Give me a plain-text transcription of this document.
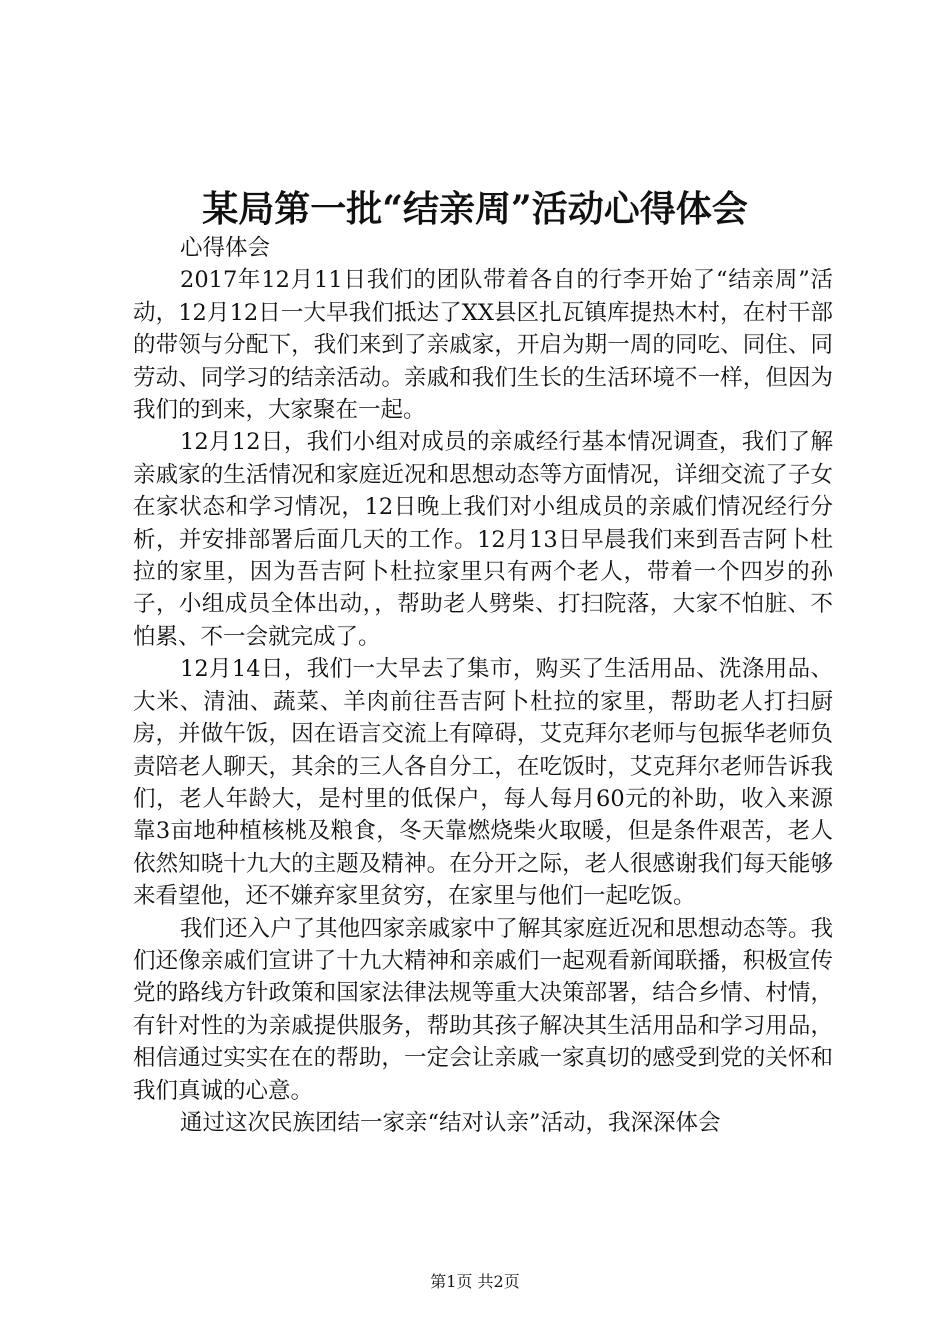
某局第一批“结亲周”活动心得体会

心得体会

2017年12月11日我们的团队带着各自的行李开始了“结亲周”活动，12月12日一大早我们抵达了XX县区扎瓦镇库提热木村，在村干部的带领与分配下，我们来到了亲戚家，开启为期一周的同吃、同住、同劳动、同学习的结亲活动。亲戚和我们生长的生活环境不一样，但因为我们的到来，大家聚在一起。

12月12日，我们小组对成员的亲戚经行基本情况调查，我们了解亲戚家的生活情况和家庭近况和思想动态等方面情况，详细交流了子女在家状态和学习情况，12日晚上我们对小组成员的亲戚们情况经行分析，并安排部署后面几天的工作。12月13日早晨我们来到吾吉阿卜杜拉的家里，因为吾吉阿卜杜拉家里只有两个老人，带着一个四岁的孙子，小组成员全体出动，，帮助老人劈柴、打扫院落，大家不怕脏、不怕累、不一会就完成了。

12月14日，我们一大早去了集市，购买了生活用品、洗涤用品、大米、清油、蔬菜、羊肉前往吾吉阿卜杜拉的家里，帮助老人打扫厨房，并做午饭，因在语言交流上有障碍，艾克拜尔老师与包振华老师负责陪老人聊天，其余的三人各自分工，在吃饭时，艾克拜尔老师告诉我们，老人年龄大，是村里的低保户，每人每月60元的补助，收入来源靠3亩地种植核桃及粮食，冬天靠燃烧柴火取暖，但是条件艰苦，老人依然知晓十九大的主题及精神。在分开之际，老人很感谢我们每天能够来看望他，还不嫌弃家里贫穷，在家里与他们一起吃饭。

我们还入户了其他四家亲戚家中了解其家庭近况和思想动态等。我们还像亲戚们宣讲了十九大精神和亲戚们一起观看新闻联播，积极宣传党的路线方针政策和国家法律法规等重大决策部署，结合乡情、村情，有针对性的为亲戚提供服务，帮助其孩子解决其生活用品和学习用品，相信通过实实在在的帮助，一定会让亲戚一家真切的感受到党的关怀和我们真诚的心意。

通过这次民族团结一家亲“结对认亲”活动，我深深体会

第1页 共2页
